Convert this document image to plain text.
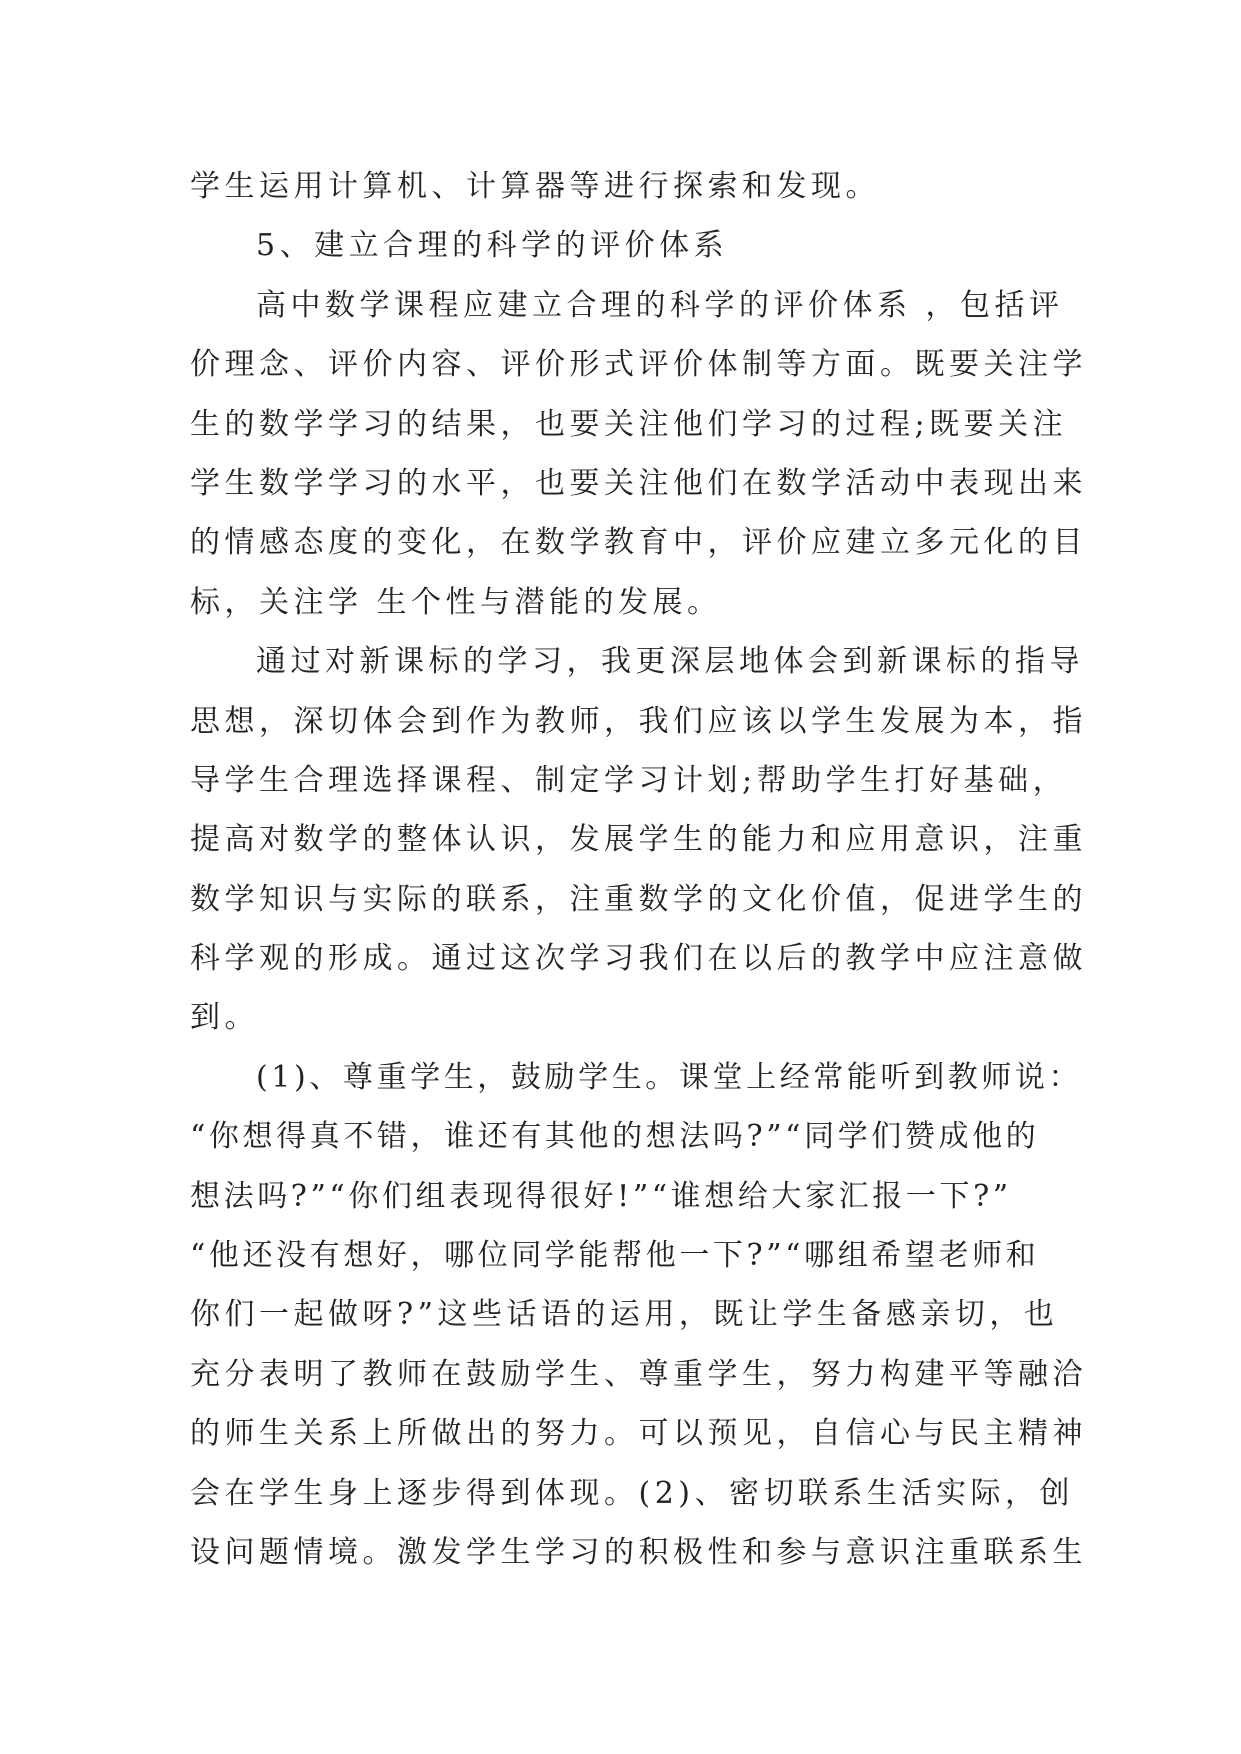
学生运用计算机、计算器等进行探索和发现。
5、建立合理的科学的评价体系
高中数学课程应建立合理的科学的评价体系 ，包括评
价理念、评价内容、评价形式评价体制等方面。既要关注学
生的数学学习的结果，也要关注他们学习的过程;既要关注
学生数学学习的水平，也要关注他们在数学活动中表现出来
的情感态度的变化，在数学教育中，评价应建立多元化的目
标，关注学 生个性与潜能的发展。
通过对新课标的学习，我更深层地体会到新课标的指导
思想，深切体会到作为教师，我们应该以学生发展为本，指
导学生合理选择课程、制定学习计划;帮助学生打好基础，
提高对数学的整体认识，发展学生的能力和应用意识，注重
数学知识与实际的联系，注重数学的文化价值，促进学生的
科学观的形成。通过这次学习我们在以后的教学中应注意做
到。
(1)、尊重学生，鼓励学生。课堂上经常能听到教师说：
“你想得真不错，谁还有其他的想法吗?”“同学们赞成他的
想法吗?”“你们组表现得很好!”“谁想给大家汇报一下?”
“他还没有想好，哪位同学能帮他一下?”“哪组希望老师和
你们一起做呀?”这些话语的运用，既让学生备感亲切，也
充分表明了教师在鼓励学生、尊重学生，努力构建平等融洽
的师生关系上所做出的努力。可以预见，自信心与民主精神
会在学生身上逐步得到体现。(2)、密切联系生活实际，创
设问题情境。激发学生学习的积极性和参与意识注重联系生
